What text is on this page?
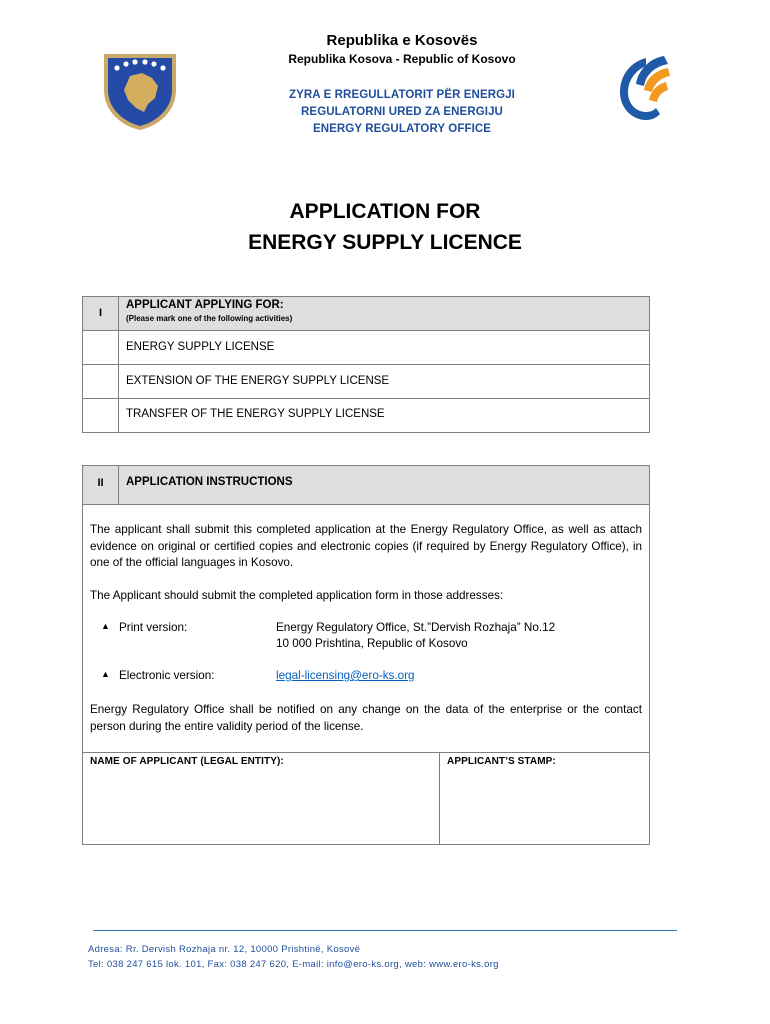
Republika e Kosovës
Republika Kosova - Republic of Kosovo
ZYRA E RREGULLATORIT PËR ENERGJI
REGULATORNI URED ZA ENERGIJU
ENERGY REGULATORY OFFICE
APPLICATION FOR
ENERGY SUPPLY LICENCE
I
APPLICANT APPLYING FOR:
(Please mark one of the following activities)
ENERGY SUPPLY LICENSE
EXTENSION OF THE ENERGY SUPPLY LICENSE
TRANSFER OF THE ENERGY SUPPLY LICENSE
II	APPLICATION INSTRUCTIONS
The applicant shall submit this completed application at the Energy Regulatory Office, as well as attach evidence on original or certified copies and electronic copies (if required by Energy Regulatory Office), in one of the official languages in Kosovo.
The Applicant should submit the completed application form in those addresses:
▲ Print version:	Energy Regulatory Office, St.”Dervish Rozhaja” No.12
10 000 Prishtina, Republic of Kosovo
▲ Electronic version:	legal-licensing@ero-ks.org
Energy Regulatory Office shall be notified on any change on the data of the enterprise or the contact person during the entire validity period of the license.
NAME OF APPLICANT (LEGAL ENTITY):	APPLICANT’S STAMP:
Adresa: Rr. Dervish Rozhaja nr. 12, 10000 Prishtinë, Kosovë
Tel: 038 247 615 lok. 101, Fax: 038 247 620, E-mail: info@ero-ks.org, web: www.ero-ks.org
